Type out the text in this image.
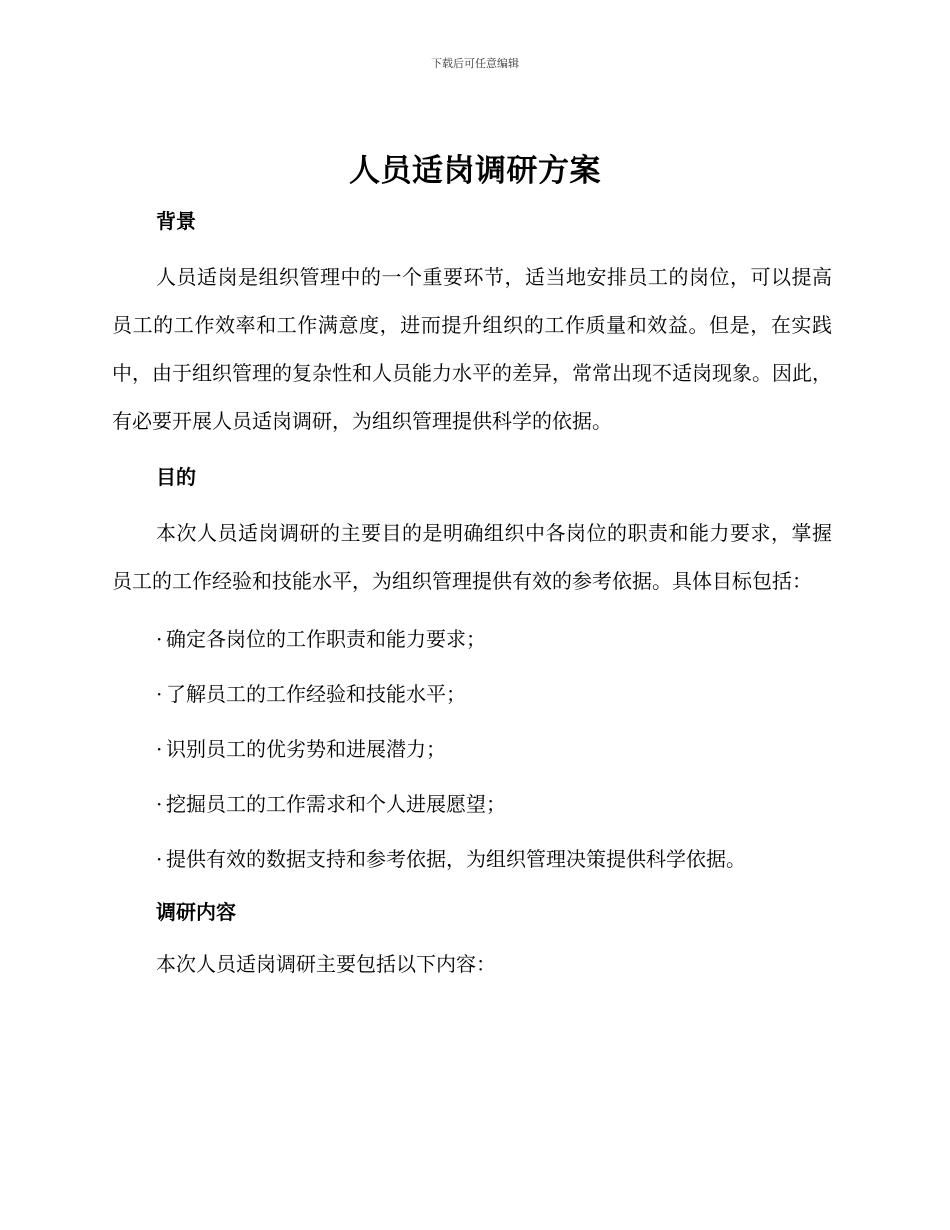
下载后可任意编辑
人员适岗调研方案
背景

人员适岗是组织管理中的一个重要环节，适当地安排员工的岗位，可以提高员工的工作效率和工作满意度，进而提升组织的工作质量和效益。但是，在实践中，由于组织管理的复杂性和人员能力水平的差异，常常出现不适岗现象。因此，有必要开展人员适岗调研，为组织管理提供科学的依据。

目的

本次人员适岗调研的主要目的是明确组织中各岗位的职责和能力要求，掌握员工的工作经验和技能水平，为组织管理提供有效的参考依据。具体目标包括：

· 确定各岗位的工作职责和能力要求；
· 了解员工的工作经验和技能水平；
· 识别员工的优劣势和进展潜力；
· 挖掘员工的工作需求和个人进展愿望；
· 提供有效的数据支持和参考依据，为组织管理决策提供科学依据。
调研内容

本次人员适岗调研主要包括以下内容：
